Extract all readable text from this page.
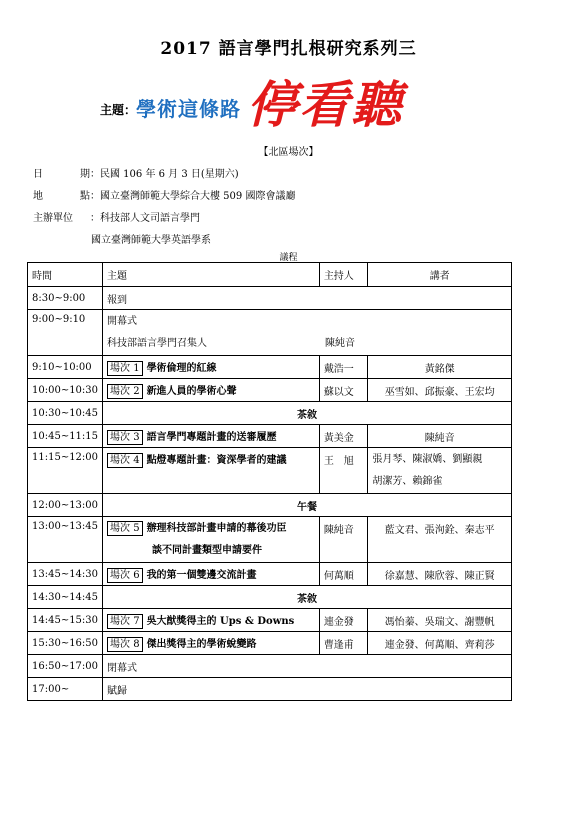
2017 語言學門扎根研究系列三
主題： 學術這條路 停看聽
【北區場次】
日	期 ： 民國 106 年 6 月 3 日(星期六)
地	點 ： 國立臺灣師範大學綜合大樓 509 國際會議廳
主辦單位	： 科技部人文司語言學門
國立臺灣師範大學英語學系
議程
時間	主題	主持人	講者
8:30~9:00	報到		
9:00~9:10	開幕式
科技部語言學門召集人 陳純音		

9:10~10:00	場次 1 學術倫理的紅線	戴浩一	黃銘傑
10:00~10:30	場次 2 新進人員的學術心聲	蘇以文	巫雪如、邱振豪、王宏均
10:30~10:45	茶敘		
10:45~11:15	場次 3 語言學門專題計畫的送審履歷	黃美金	陳純音
11:15~12:00	場次 4 點燈專題計畫：資深學者的建議	王　旭	張月琴、陳淑嬌、劉顯親
胡潔芳、賴錦雀

12:00~13:00	午餐		
13:00~13:45	場次 5 辦理科技部計畫申請的幕後功臣
談不同計畫類型申請要件	陳純音	藍文君、張洵銓、秦志平
13:45~14:30	場次 6 我的第一個雙邊交流計畫	何萬順	徐嘉慧、陳欣蓉、陳正賢
14:30~14:45	茶敘		
14:45~15:30	場次 7 吳大猷獎得主的 Ups & Downs	連金發	馮怡蓁、吳瑞文、謝豐帆
15:30~16:50	場次 8 傑出獎得主的學術蛻變路	曹逢甫	連金發、何萬順、齊莉莎
16:50~17:00	閉幕式		
17:00~	賦歸		
